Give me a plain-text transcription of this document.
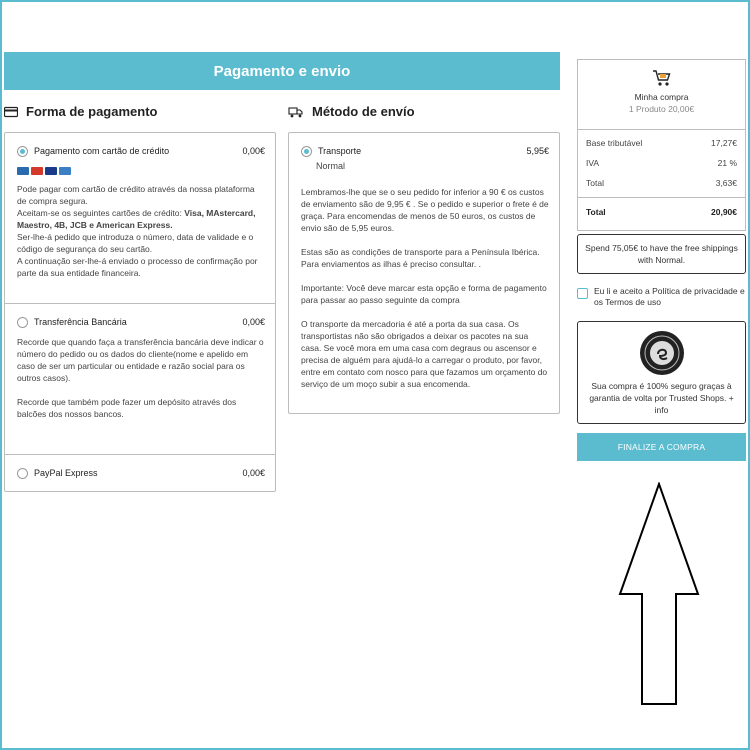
Pagamento e envio
Forma de pagamento
Pagamento com cartão de crédito	0,00€
Pode pagar com cartão de crédito através da nossa plataforma de compra segura.
Aceitam-se os seguintes cartões de crédito: Visa, MAstercard, Maestro, 4B, JCB e American Express.
Ser-lhe-á pedido que introduza o número, data de validade e o código de segurança do seu cartão.
A continuação ser-lhe-á enviado o processo de confirmação por parte da sua entidade financeira.
Transferência Bancária	0,00€
Recorde que quando faça a transferência bancária deve indicar o número do pedido ou os dados do cliente(nome e apelido em caso de ser um particular ou entidade e razão social para os outros casos).
Recorde que também pode fazer um depósito através dos balcões dos nossos bancos.
PayPal Express	0,00€
Método de envío
Transporte	5,95€
Normal
Lembramos-lhe que se o seu pedido for inferior a 90 € os custos de enviamento são de 9,95 € . Se o pedido e superior o frete é de graça. Para encomendas de menos de 50 euros, os custos de envio são de 5,95 euros.
Estas são as condições de transporte para a Península Ibérica. Para enviamentos as ilhas é preciso consultar. .
Importante: Você deve marcar esta opção e forma de pagamento para passar ao passo seguinte da compra
O transporte da mercadoria é até a porta da sua casa. Os transportistas não são obrigados a deixar os pacotes na sua casa. Se você mora em uma casa com degraus ou ascensor e precisa de alguém para ajudá-lo a carregar o produto, por favor, entre em contato com nosco para que fazamos um orçamento do serviço de um moço subir a sua encomenda.
Minha compra
1 Produto 20,00€
Base tributável	17,27€
IVA	21 %
Total	3,63€
Total	20,90€
Spend 75,05€ to have the free shippings with Normal.
Eu li e aceito a Política de privacidade e os Termos de uso
Sua compra é 100% seguro graças à garantia de volta por Trusted Shops. + info
FINALIZE A COMPRA
